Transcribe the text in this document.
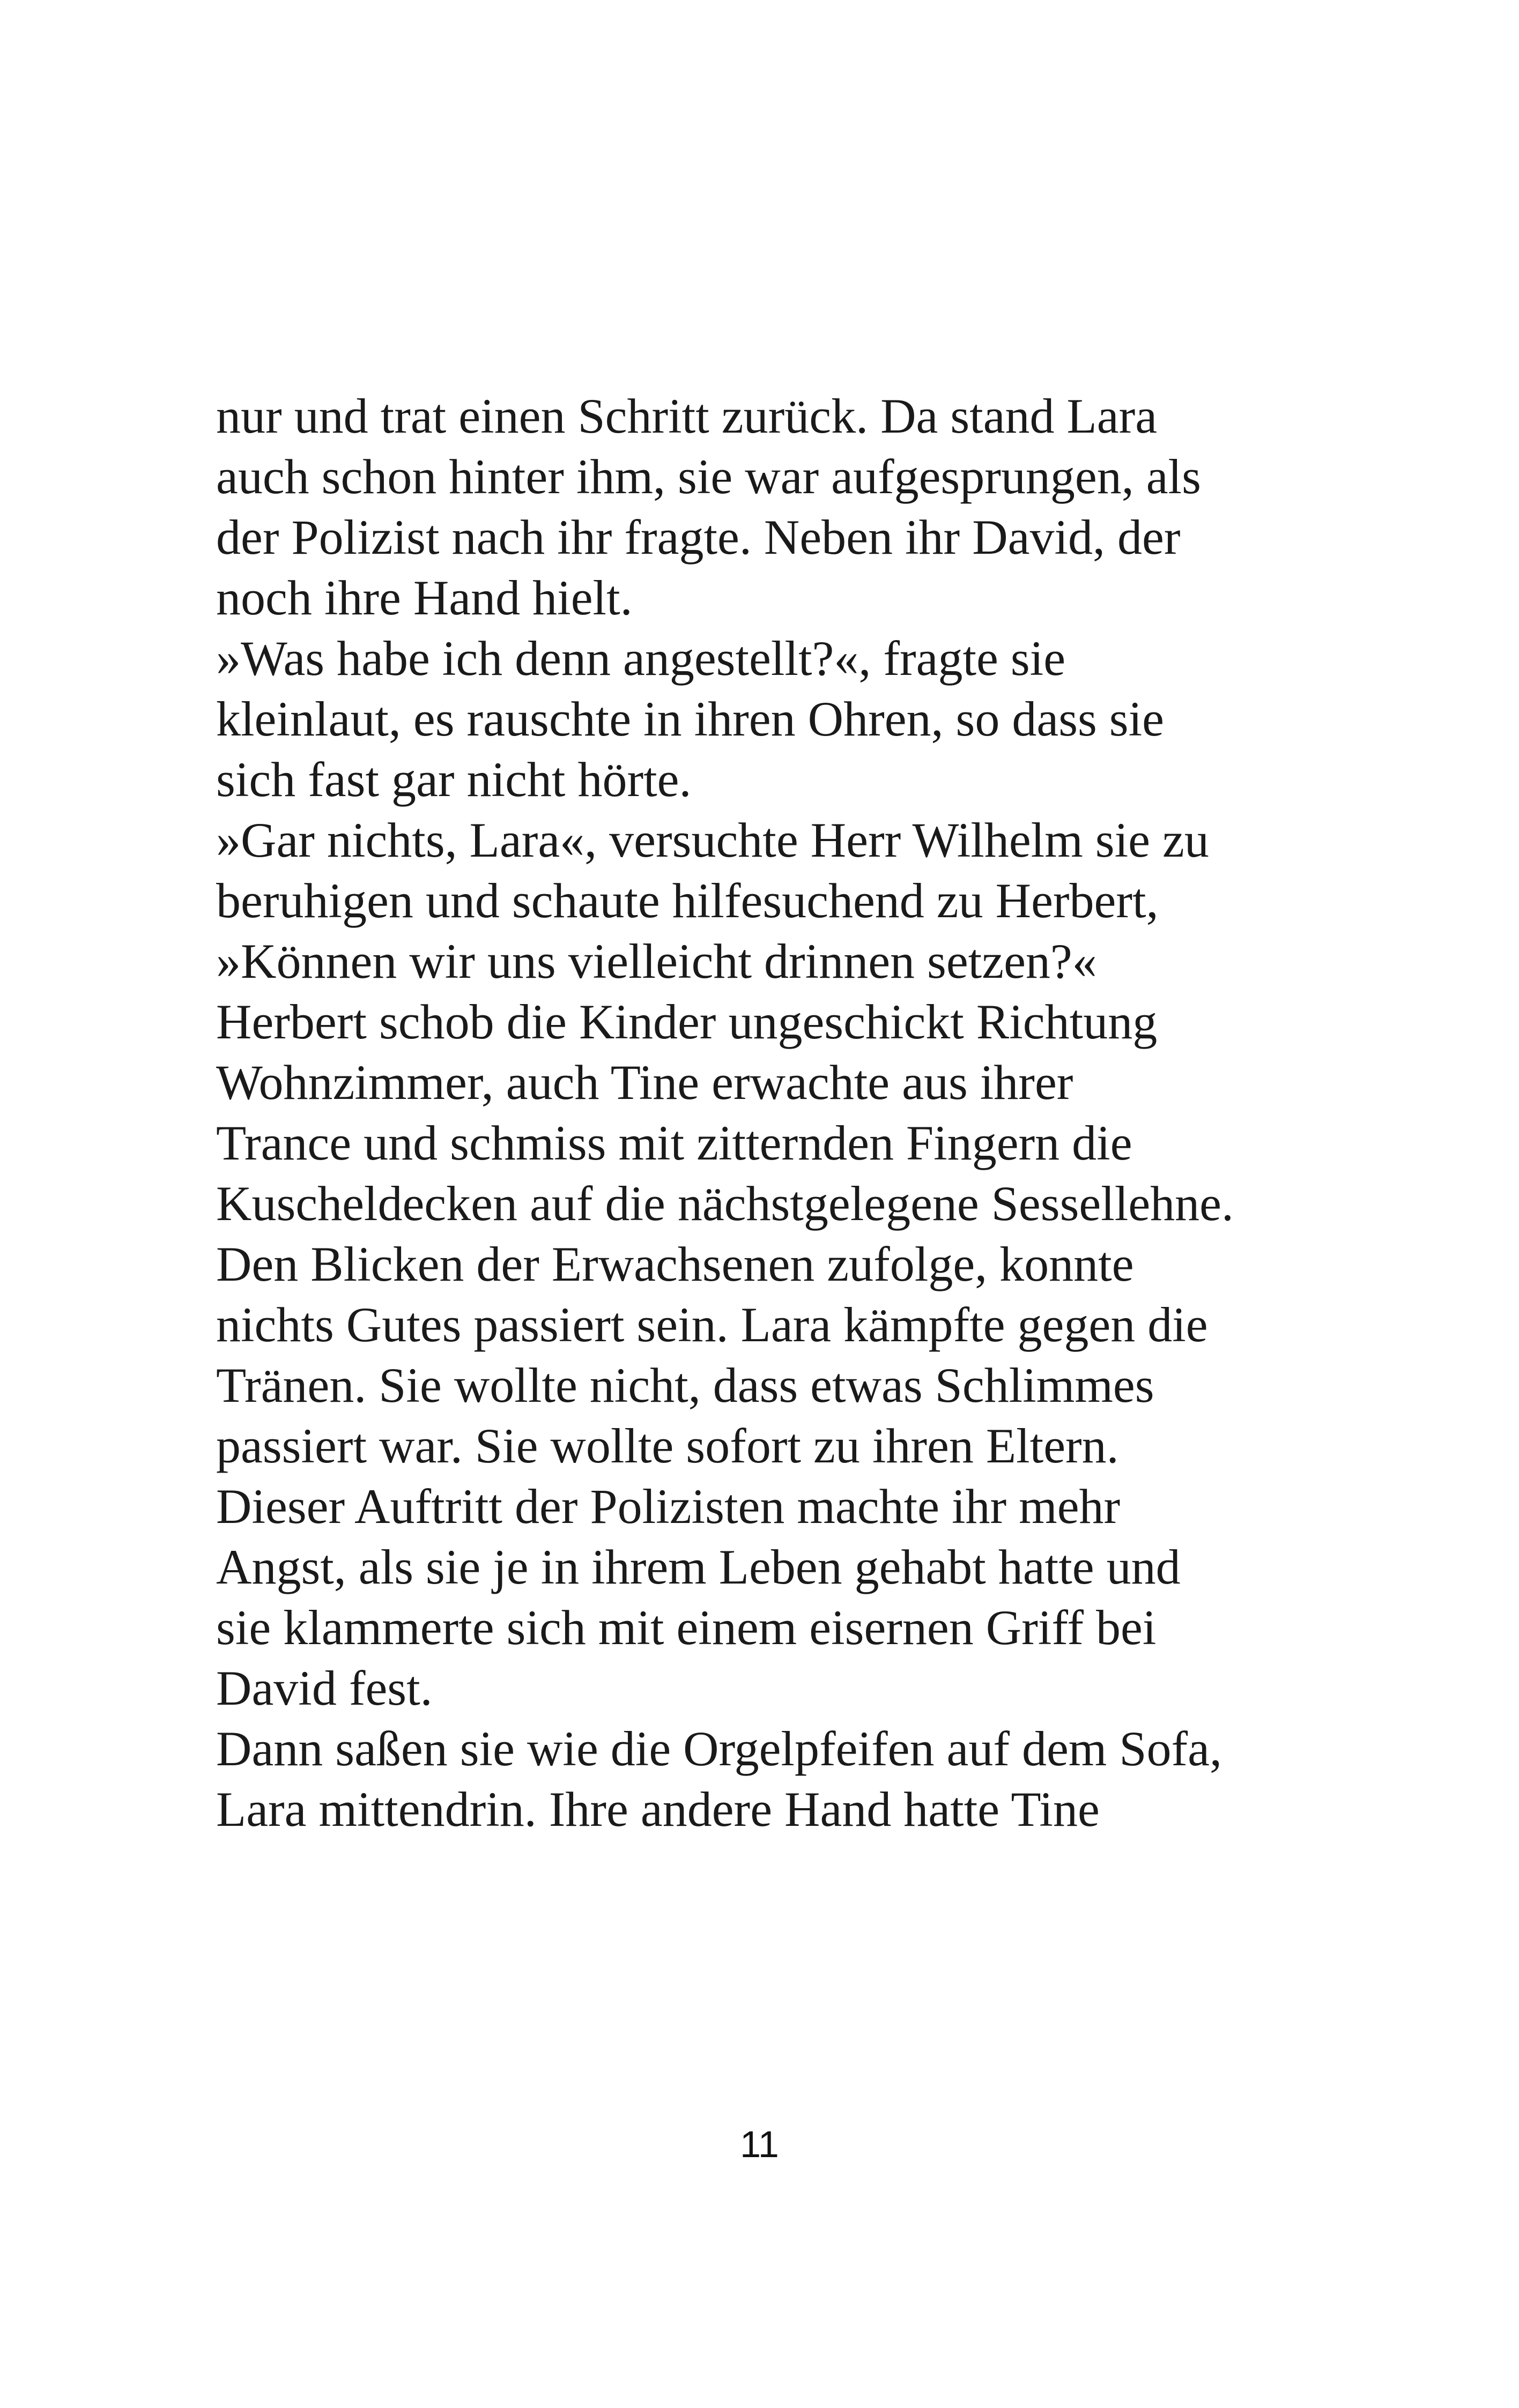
nur und trat einen Schritt zurück. Da stand Lara
auch schon hinter ihm, sie war aufgesprungen, als
der Polizist nach ihr fragte. Neben ihr David, der
noch ihre Hand hielt.
»Was habe ich denn angestellt?«, fragte sie
kleinlaut, es rauschte in ihren Ohren, so dass sie
sich fast gar nicht hörte.
»Gar nichts, Lara«, versuchte Herr Wilhelm sie zu
beruhigen und schaute hilfesuchend zu Herbert,
»Können wir uns vielleicht drinnen setzen?«
Herbert schob die Kinder ungeschickt Richtung
Wohnzimmer, auch Tine erwachte aus ihrer
Trance und schmiss mit zitternden Fingern die
Kuscheldecken auf die nächstgelegene Sessellehne.
Den Blicken der Erwachsenen zufolge, konnte
nichts Gutes passiert sein. Lara kämpfte gegen die
Tränen. Sie wollte nicht, dass etwas Schlimmes
passiert war. Sie wollte sofort zu ihren Eltern.
Dieser Auftritt der Polizisten machte ihr mehr
Angst, als sie je in ihrem Leben gehabt hatte und
sie klammerte sich mit einem eisernen Griff bei
David fest.
Dann saßen sie wie die Orgelpfeifen auf dem Sofa,
Lara mittendrin. Ihre andere Hand hatte Tine
11
